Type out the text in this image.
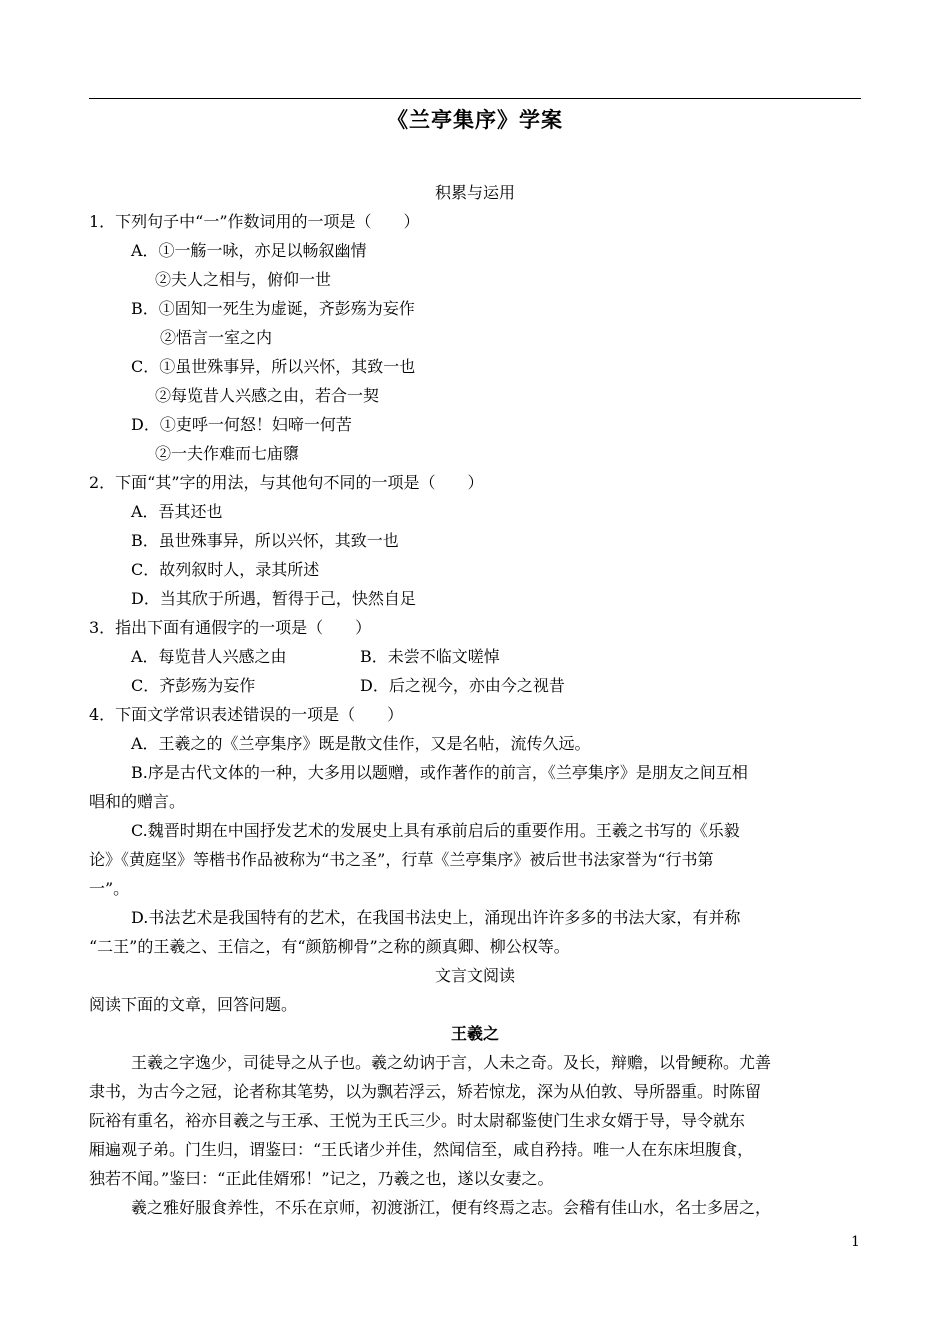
《兰亭集序》学案
积累与运用
1．下列句子中“一”作数词用的一项是（　　）
A．①一觞一咏，亦足以畅叙幽情
②夫人之相与，俯仰一世
B．①固知一死生为虚诞，齐彭殇为妄作
②悟言一室之内
C．①虽世殊事异，所以兴怀，其致一也
②每览昔人兴感之由，若合一契
D．①吏呼一何怒！妇啼一何苦
②一夫作难而七庙隳
2．下面“其”字的用法，与其他句不同的一项是（　　）
A．吾其还也
B．虽世殊事异，所以兴怀，其致一也
C．故列叙时人，录其所述
D．当其欣于所遇，暂得于己，快然自足
3．指出下面有通假字的一项是（　　）
A．每览昔人兴感之由	B．未尝不临文嗟悼
C．齐彭殇为妄作	D．后之视今，亦由今之视昔
4．下面文学常识表述错误的一项是（　　）
A．王羲之的《兰亭集序》既是散文佳作，又是名帖，流传久远。
B.序是古代文体的一种，大多用以题赠，或作著作的前言，《兰亭集序》是朋友之间互相
唱和的赠言。
C.魏晋时期在中国抒发艺术的发展史上具有承前启后的重要作用。王羲之书写的《乐毅
论》《黄庭坚》等楷书作品被称为“书之圣”，行草《兰亭集序》被后世书法家誉为“行书第
一”。
D.书法艺术是我国特有的艺术，在我国书法史上，涌现出许许多多的书法大家，有并称
“二王”的王羲之、王信之，有“颜筋柳骨”之称的颜真卿、柳公权等。
文言文阅读
阅读下面的文章，回答问题。
王羲之
王羲之字逸少，司徒导之从子也。羲之幼讷于言，人未之奇。及长，辩赡，以骨鲠称。尤善
隶书，为古今之冠，论者称其笔势，以为飘若浮云，矫若惊龙，深为从伯敦、导所器重。时陈留
阮裕有重名，裕亦目羲之与王承、王悦为王氏三少。时太尉郗鉴使门生求女婿于导，导令就东
厢遍观子弟。门生归，谓鉴曰：“王氏诸少并佳，然闻信至，咸自矜持。唯一人在东床坦腹食，
独若不闻。”鉴曰：“正此佳婿邪！”记之，乃羲之也，遂以女妻之。
羲之雅好服食养性，不乐在京师，初渡浙江，便有终焉之志。会稽有佳山水，名士多居之，
1
